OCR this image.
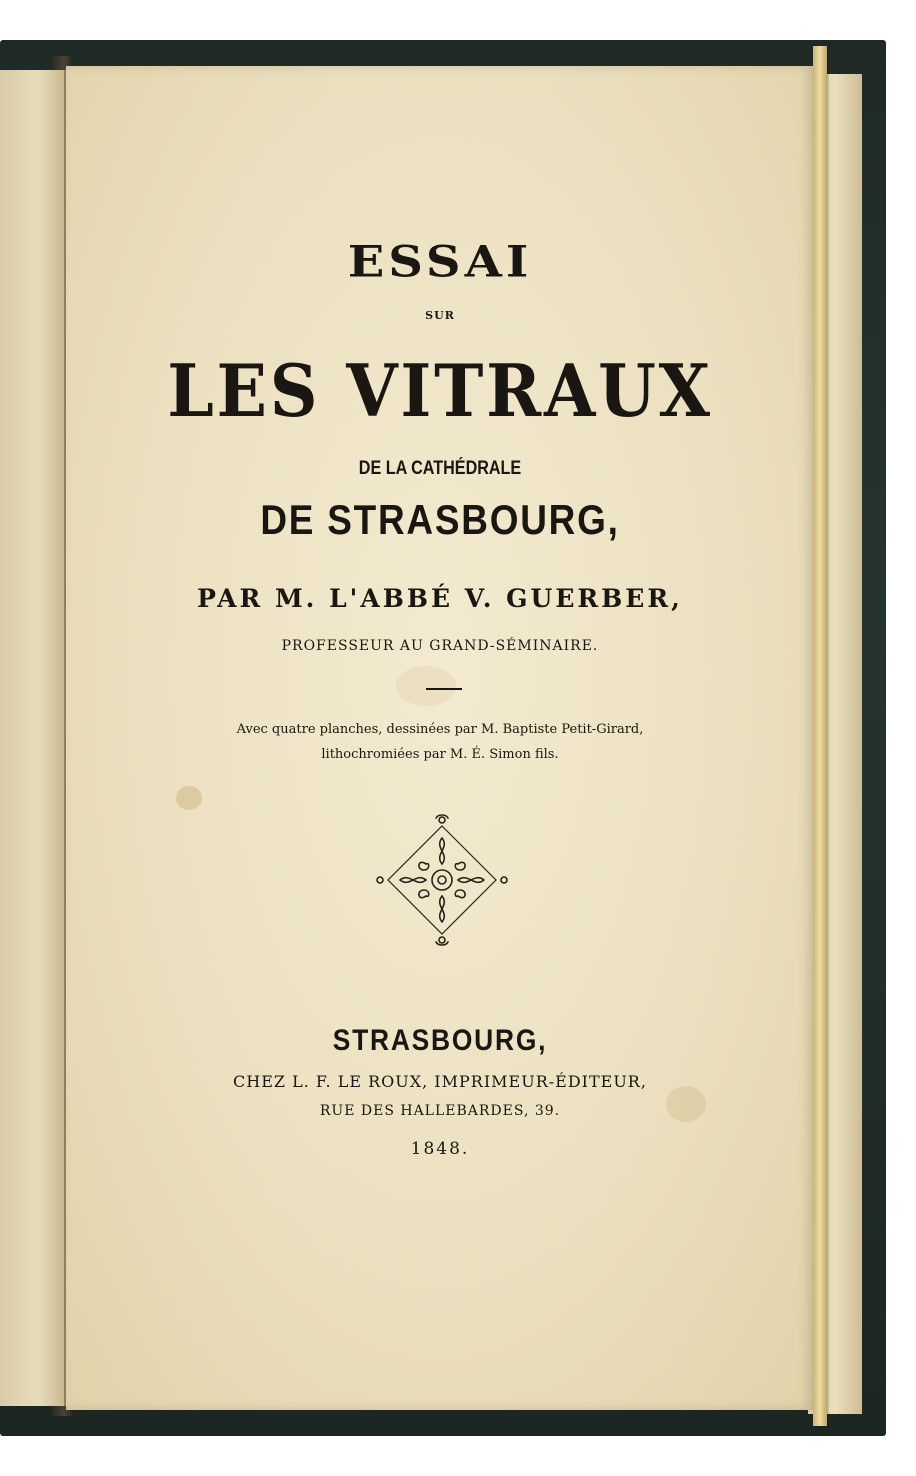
ESSAI

SUR

LES VITRAUX

DE LA CATHÉDRALE

DE STRASBOURG,

PAR M. L'ABBÉ V. GUERBER,

PROFESSEUR AU GRAND-SÉMINAIRE.

Avec quatre planches, dessinées par M. Baptiste Petit-Girard,

lithochromiées par M. É. Simon fils.

STRASBOURG,

CHEZ L. F. LE ROUX, IMPRIMEUR-ÉDITEUR,

RUE DES HALLEBARDES, 39.

1848.
